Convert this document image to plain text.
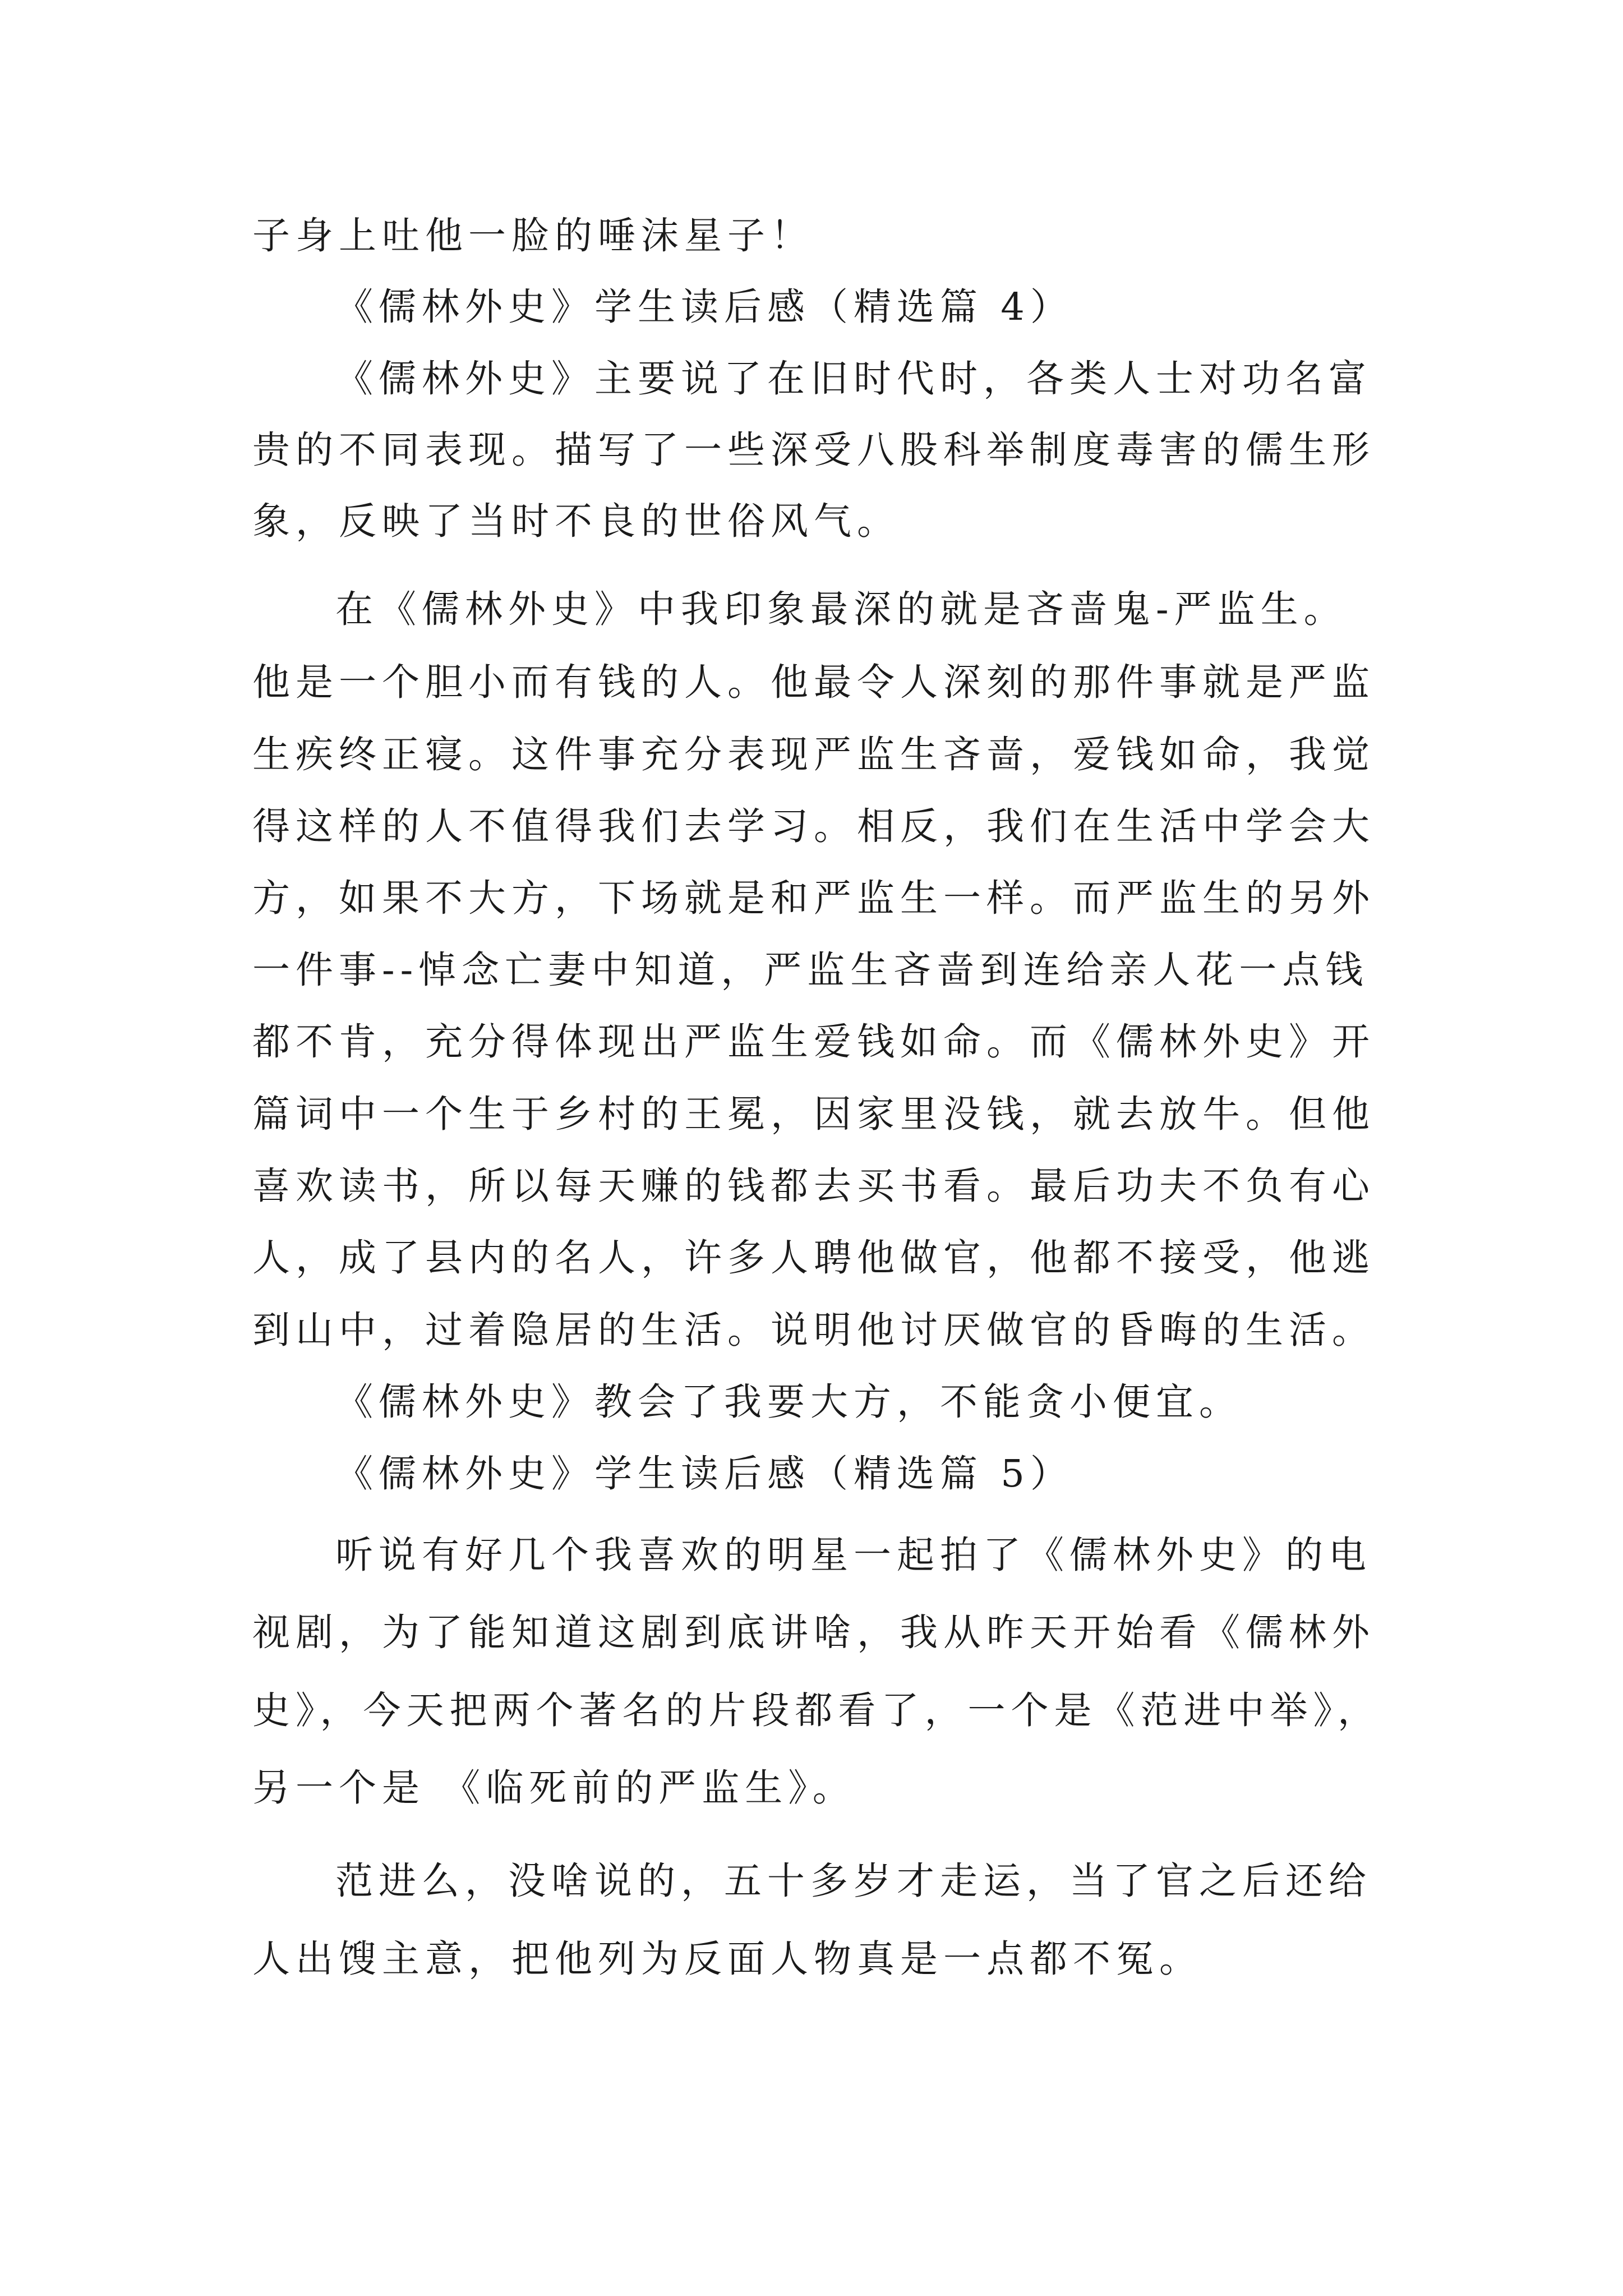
子身上吐他一脸的唾沫星子！
《儒林外史》学生读后感（精选篇 4）
《儒林外史》主要说了在旧时代时，各类人士对功名富
贵的不同表现。描写了一些深受八股科举制度毒害的儒生形
象，反映了当时不良的世俗风气。
在《儒林外史》中我印象最深的就是吝啬鬼-严监生。
他是一个胆小而有钱的人。他最令人深刻的那件事就是严监
生疾终正寝。这件事充分表现严监生吝啬，爱钱如命，我觉
得这样的人不值得我们去学习。相反，我们在生活中学会大
方，如果不大方，下场就是和严监生一样。而严监生的另外
一件事--悼念亡妻中知道，严监生吝啬到连给亲人花一点钱
都不肯，充分得体现出严监生爱钱如命。而《儒林外史》开
篇词中一个生于乡村的王冕，因家里没钱，就去放牛。但他
喜欢读书，所以每天赚的钱都去买书看。最后功夫不负有心
人，成了县内的名人，许多人聘他做官，他都不接受，他逃
到山中，过着隐居的生活。说明他讨厌做官的昏晦的生活。
《儒林外史》教会了我要大方，不能贪小便宜。
《儒林外史》学生读后感（精选篇 5）
听说有好几个我喜欢的明星一起拍了《儒林外史》的电
视剧，为了能知道这剧到底讲啥，我从昨天开始看《儒林外
史》，今天把两个著名的片段都看了，一个是《范进中举》，
另一个是 《临死前的严监生》。
范进么，没啥说的，五十多岁才走运，当了官之后还给
人出馊主意，把他列为反面人物真是一点都不冤。
